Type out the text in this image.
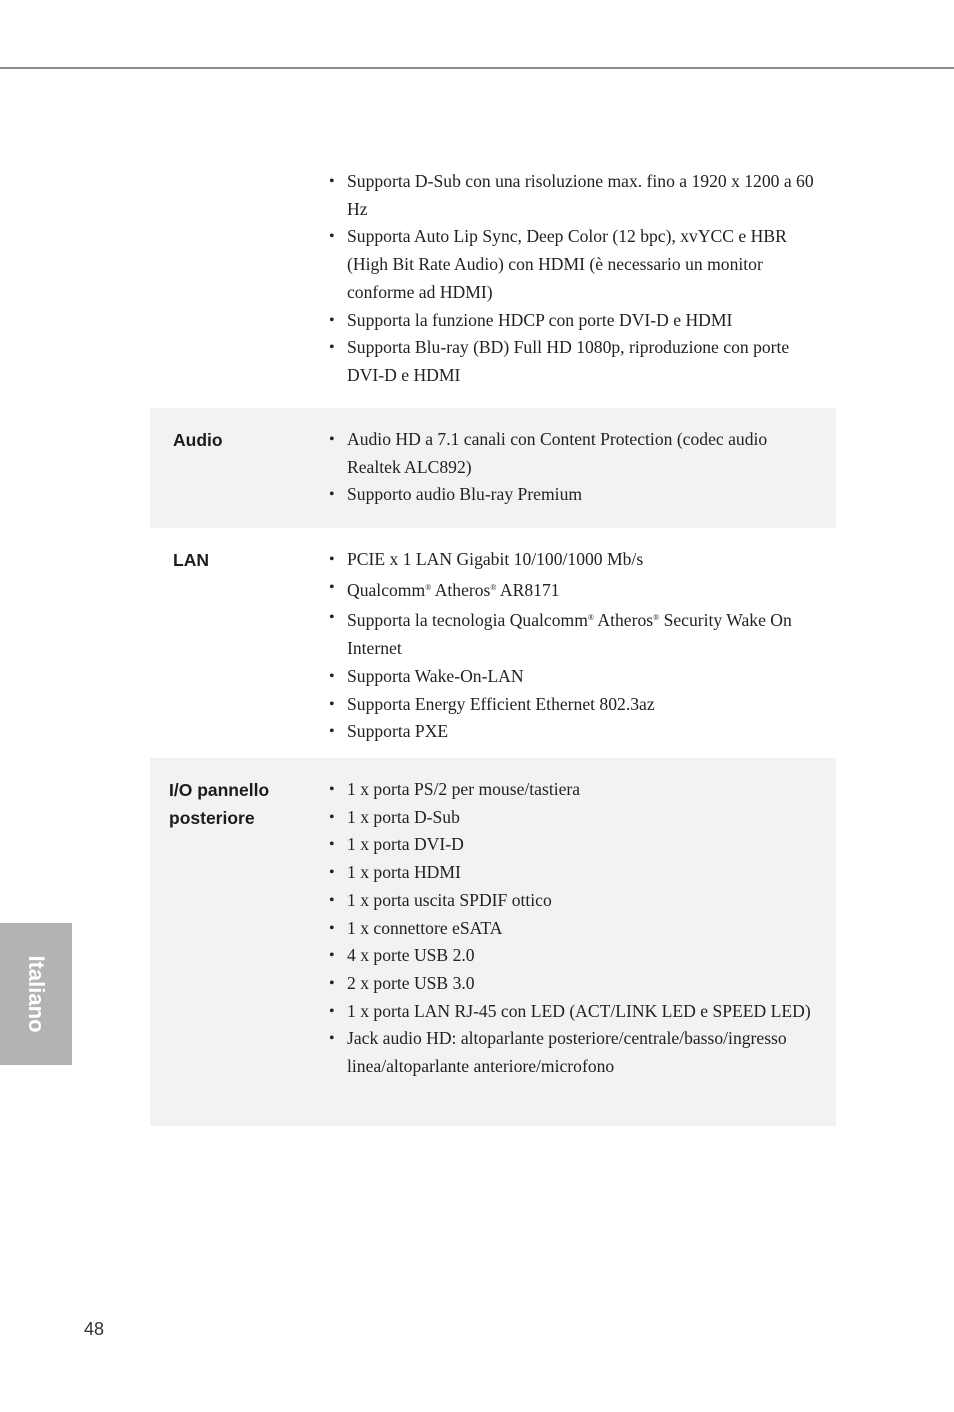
• Supporta D-Sub con una risoluzione max. fino a 1920 x 1200 a 60 Hz
• Supporta Auto Lip Sync, Deep Color (12 bpc), xvYCC e HBR (High Bit Rate Audio) con HDMI (è necessario un monitor conforme ad HDMI)
• Supporta la funzione HDCP con porte DVI-D e HDMI
• Supporta Blu-ray (BD) Full HD 1080p, riproduzione con porte DVI-D e HDMI
Audio	• Audio HD a 7.1 canali con Content Protection (codec audio Realtek ALC892)
• Supporto audio Blu-ray Premium
LAN	• PCIE x 1 LAN Gigabit 10/100/1000 Mb/s
• Qualcomm® Atheros® AR8171
• Supporta la tecnologia Qualcomm® Atheros® Security Wake On Internet
• Supporta Wake-On-LAN
• Supporta Energy Efficient Ethernet 802.3az
• Supporta PXE
I/O pannello
posteriore
• 1 x porta PS/2 per mouse/tastiera
• 1 x porta D-Sub
• 1 x porta DVI-D
• 1 x porta HDMI
• 1 x porta uscita SPDIF ottico
• 1 x connettore eSATA
• 4 x porte USB 2.0
• 2 x porte USB 3.0
• 1 x porta LAN RJ-45 con LED (ACT/LINK LED e SPEED LED)
• Jack audio HD: altoparlante posteriore/centrale/basso/ingresso linea/altoparlante anteriore/microfono
Italiano
48
